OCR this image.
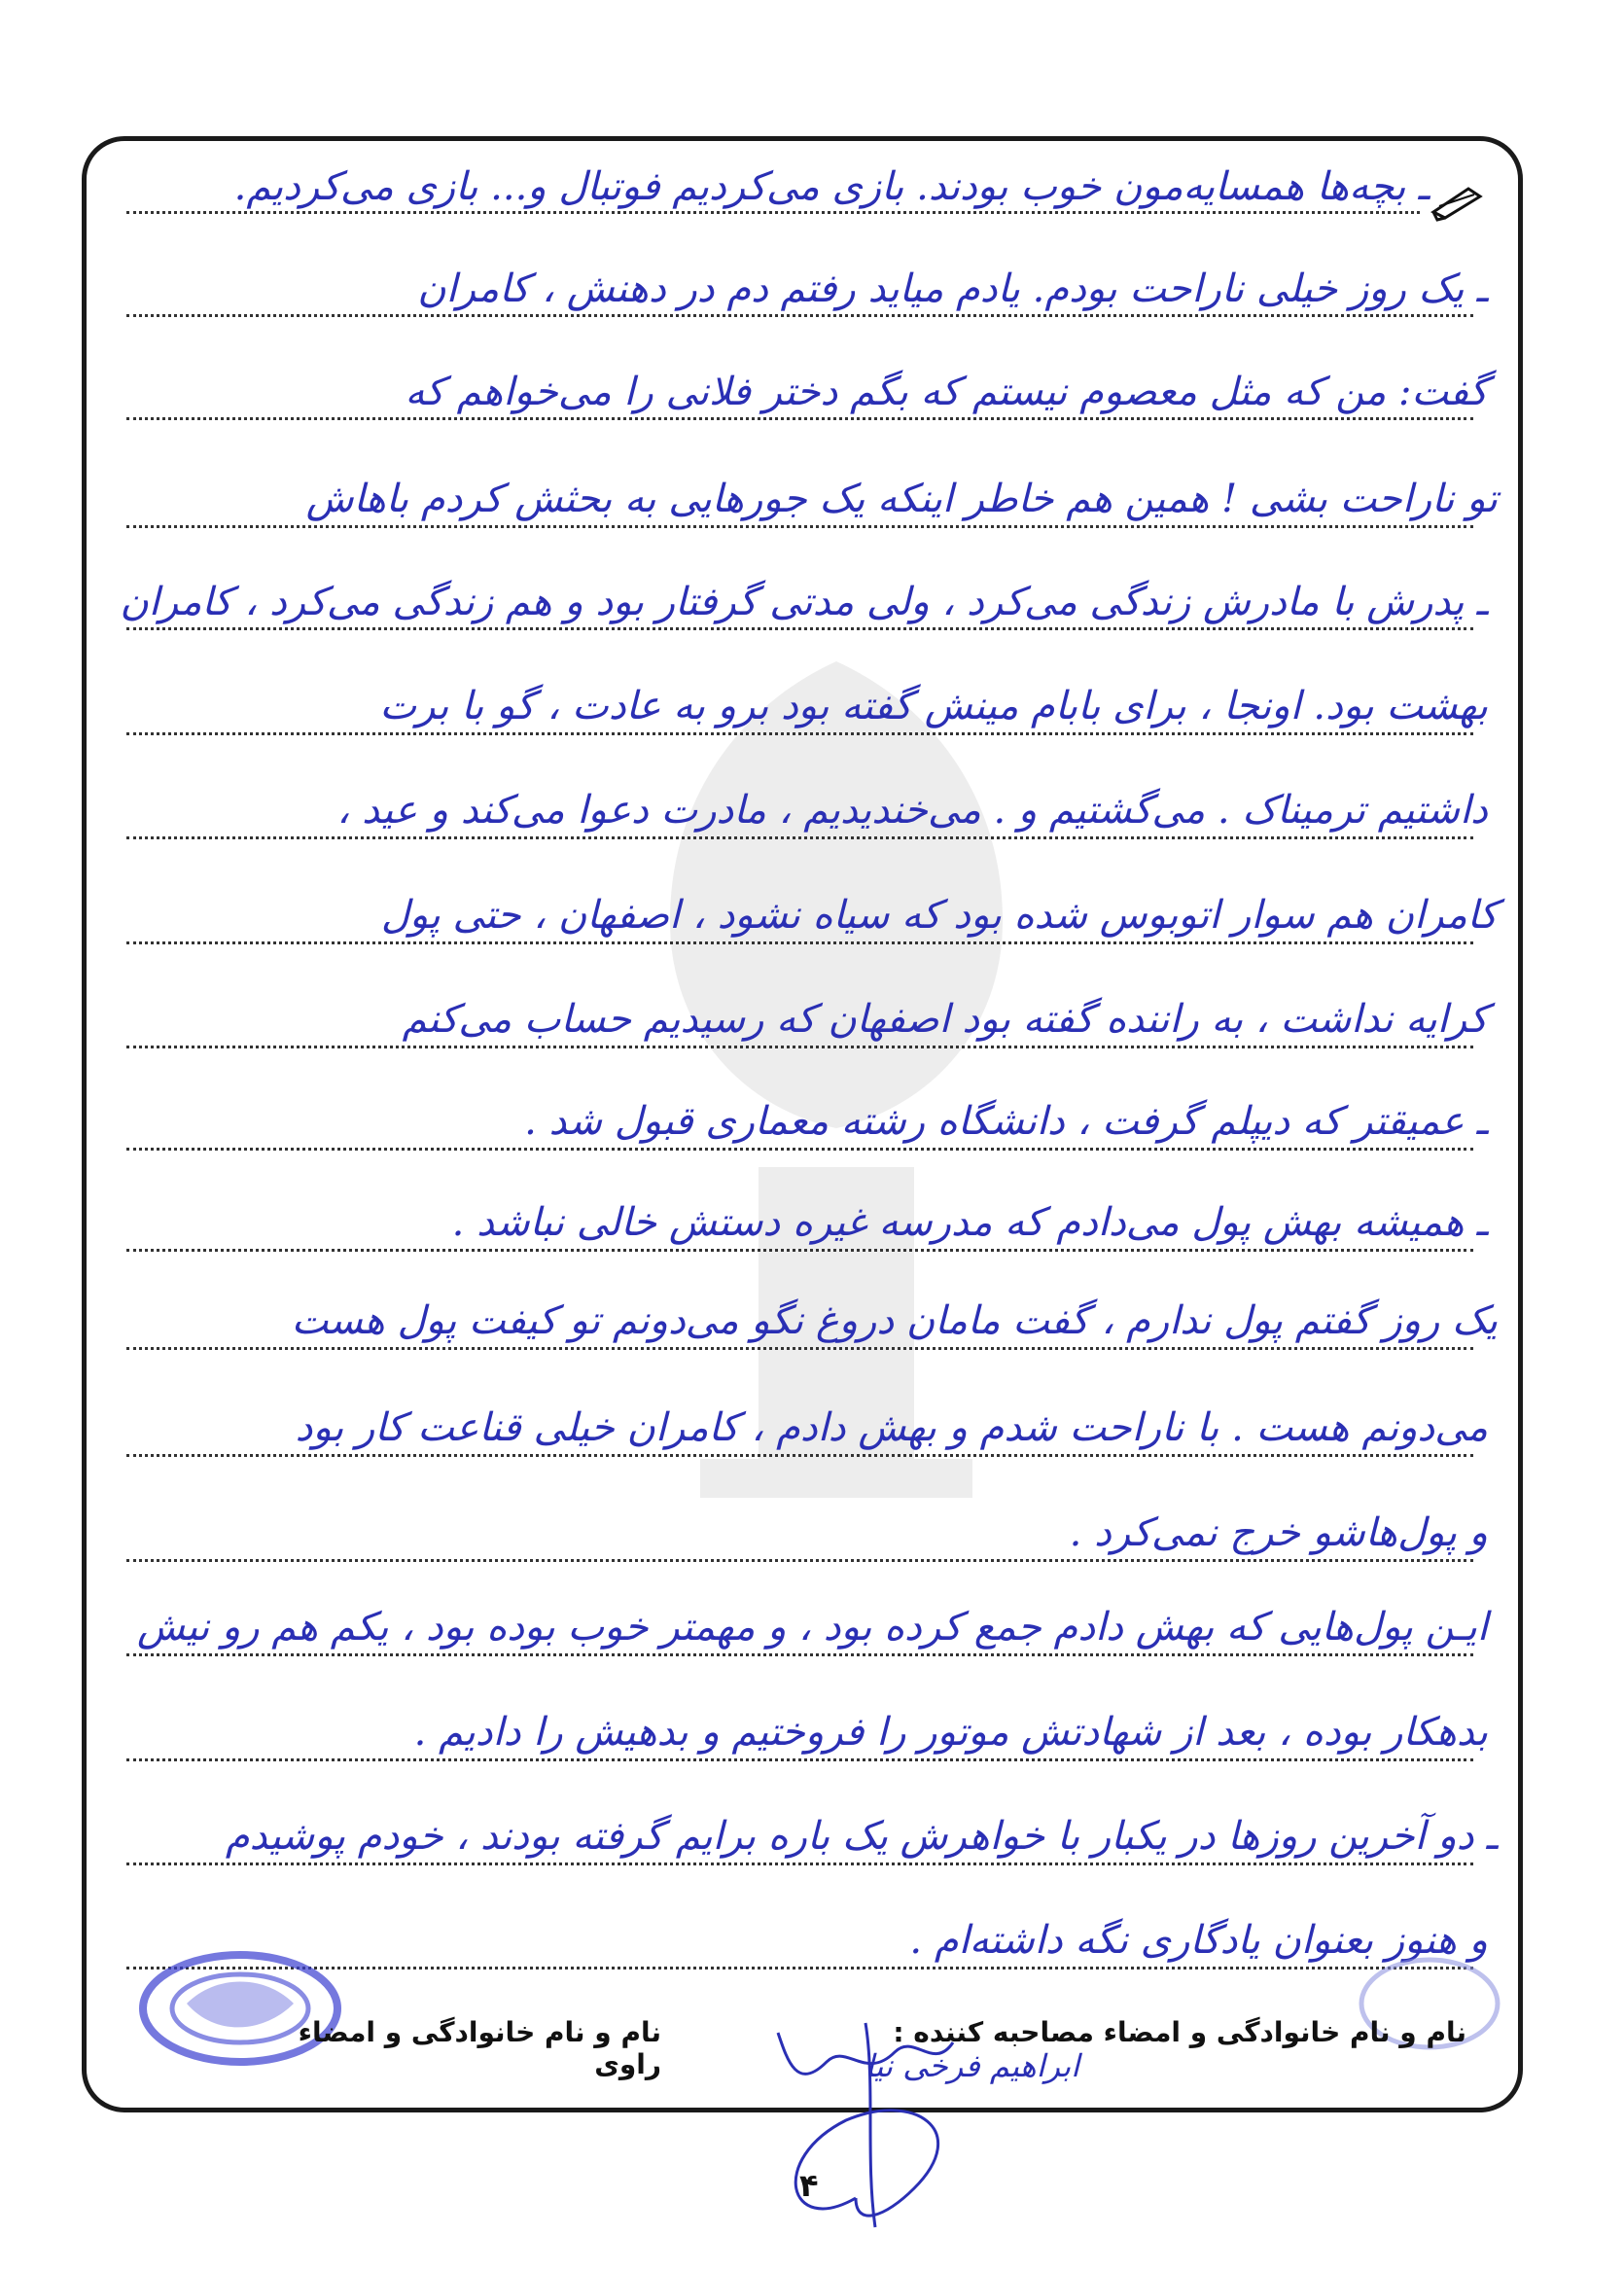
ـ بچه‌ها همسایه‌مون خوب بودند. بازی می‌کردیم فوتبال و... بازی می‌کردیم.
ـ یک روز خیلی ناراحت بودم. یادم میاید رفتم دم در دهنش ، کامران
گفت: من که مثل معصوم نیستم که بگم دختر فلانی را می‌خواهم که
تو ناراحت بشی ! همین هم خاطر اینکه یک جورهایی به بحثش کردم باهاش
ـ پدرش با مادرش زندگی می‌کرد ، ولی مدتی گرفتار بود و هم زندگی می‌کرد ، کامران
بهشت بود. اونجا ، برای بابام مینش گفته بود برو به عادت ، گو با برت
داشتیم ترمیناک . می‌گشتیم و . می‌خندیدیم ، مادرت دعوا می‌کند و عید ،
کامران هم سوار اتوبوس شده بود که سیاه نشود ، اصفهان ، حتی پول
کرایه نداشت ، به راننده گفته بود اصفهان که رسیدیم حساب می‌کنم
ـ عمیقتر که دیپلم گرفت ، دانشگاه رشته معماری قبول شد .
ـ همیشه بهش پول می‌دادم که مدرسه غیره دستش خالی نباشد .
یک روز گفتم پول ندارم ، گفت مامان دروغ نگو می‌دونم تو کیفت پول هست
می‌دونم هست . با ناراحت شدم و بهش دادم ، کامران خیلی قناعت کار بود
و پول‌هاشو خرج نمی‌کرد .
ایـن پول‌هایی که بهش دادم جمع کرده بود ، و مهمتر خوب بوده بود ، یکم هم رو نیش
بدهکار بوده ، بعد از شهادتش موتور را فروختیم و بدهیش را دادیم .
ـ دو آخرین روزها در یکبار با خواهرش یک باره برایم گرفته بودند ، خودم پوشیدم
و هنوز بعنوان یادگاری نگه داشته‌ام .
نام و نام خانوادگی و امضاء مصاحبه کننده :
نام و نام خانوادگی و امضاء راوی	ابراهیم فرخی نیا
۴
